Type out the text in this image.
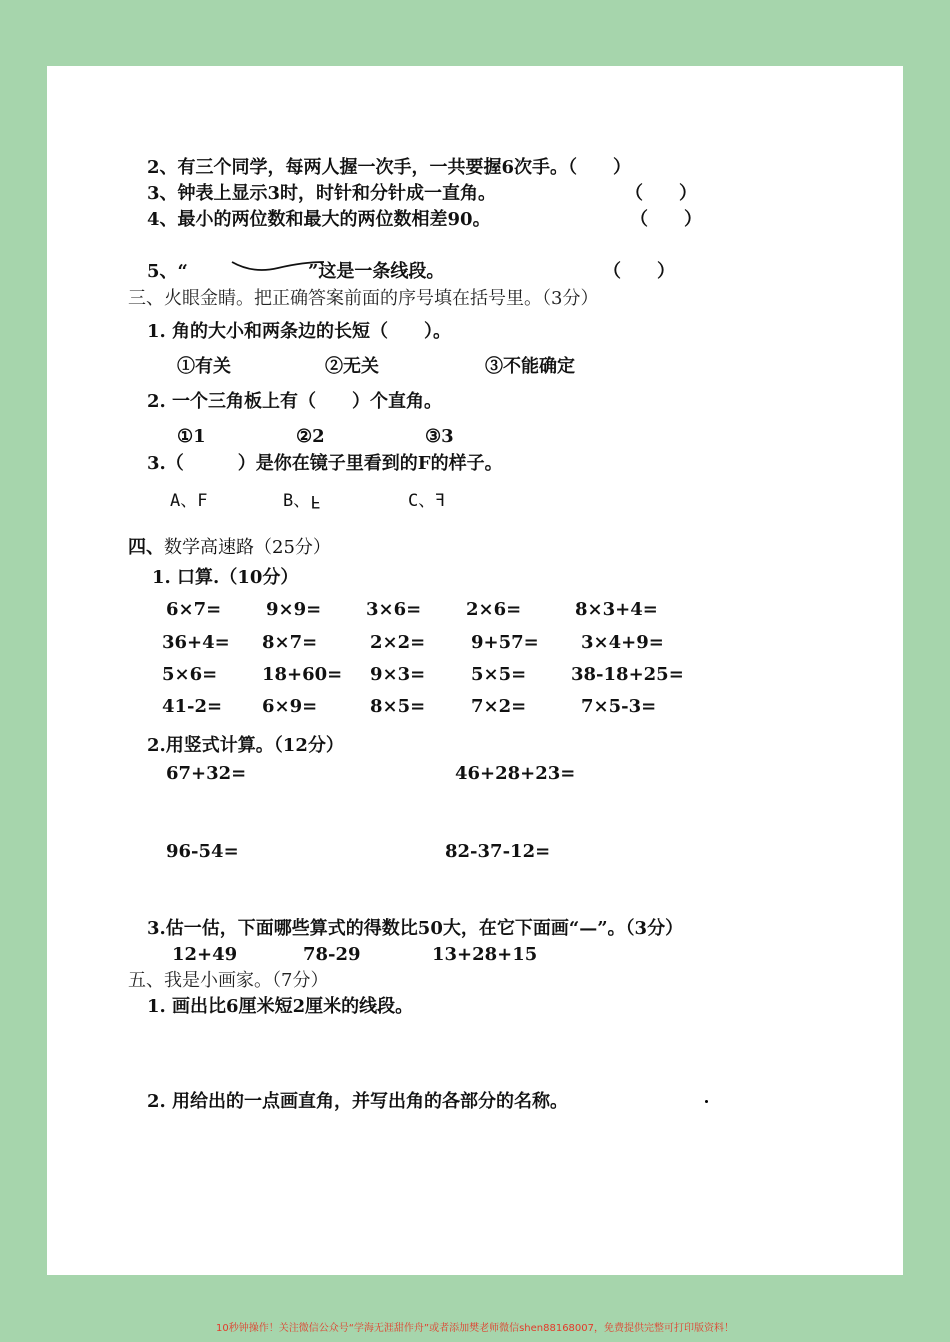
2、有三个同学，每两人握一次手，一共要握6次手。（　　）
3、钟表上显示3时，时针和分针成一直角。	（　　）
4、最小的两位数和最大的两位数相差90。	（　　）
5、“	”这是一条线段。	（　　）
三、火眼金睛。把正确答案前面的序号填在括号里。（3分）
1. 角的大小和两条边的长短（　　）。
①有关	②无关	③不能确定
2. 一个三角板上有（　　）个直角。
①1	②2	③3
3.（　　　）是你在镜子里看到的F的样子。
A、F	B、F	C、F
四、数学高速路（25分）
1. 口算.（10分）
6×7= 9×9= 3×6= 2×6=	8×3+4=
36+4= 8×7=	2×2=	9+57= 3×4+9=
5×6= 18+60= 9×3=	5×5= 38-18+25=
41-2= 6×9=	8×5=	7×2=	7×5-3=
2.用竖式计算。（12分）
67+32=	46+28+23=
96-54=	82-37-12=
3.估一估，下面哪些算式的得数比50大，在它下面画“—”。（3分）
12+49	78-29	13+28+15
五、我是小画家。（7分）
1. 画出比6厘米短2厘米的线段。
2. 用给出的一点画直角，并写出角的各部分的名称。
10秒钟操作！关注微信公众号“学海无涯甜作舟”或者添加樊老师微信shen88168007，免费提供完整可打印版资料！
